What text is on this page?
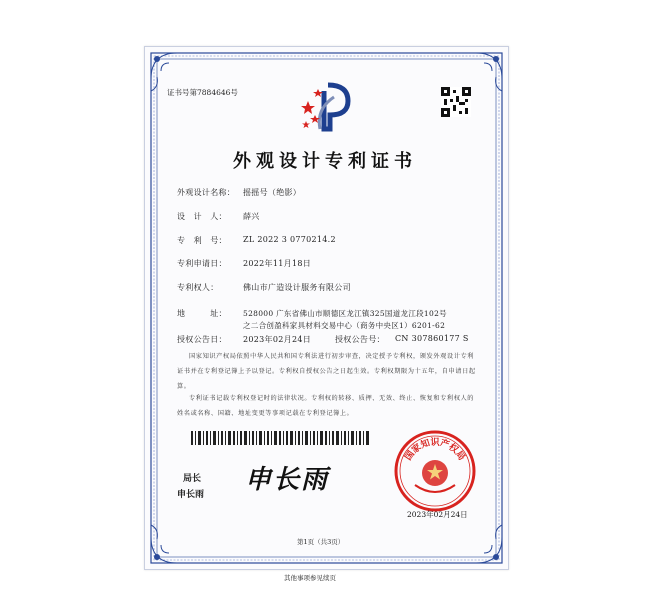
证书号第7884646号
外观设计专利证书
外观设计名称： 摇摇号（绝影）
设　计　人： 薛兴
专　利　号： ZL 2022 3 0770214.2
专利申请日： 2022年11月18日
专利权人：	佛山市广造设计服务有限公司
地　　　址： 528000 广东省佛山市顺德区龙江镇325国道龙江段102号
之二合创盈科家具材料交易中心（商务中央区1）6201-62
授权公告日： 2023年02月24日	授权公告号： CN 307860177 S
国家知识产权局依照中华人民共和国专利法进行初步审查，决定授予专利权，颁发外观设计专利证书并在专利登记簿上予以登记。专利权自授权公告之日起生效。专利权期限为十五年，自申请日起算。
专利证书记载专利权登记时的法律状况。专利权的转移、质押、无效、终止、恢复和专利权人的姓名或名称、国籍、地址变更等事项记载在专利登记簿上。
局长
申长雨 申长雨
国家知识产权局
2023年02月24日
第1页（共3页）
其他事项参见续页
